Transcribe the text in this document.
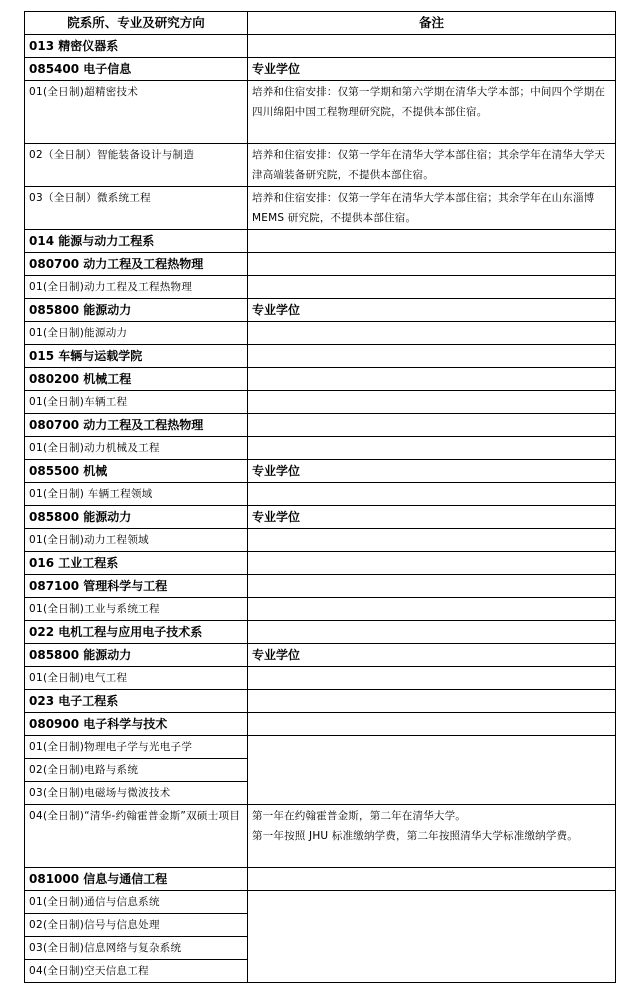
院系所、专业及研究方向	备注
013 精密仪器系	
085400 电子信息	专业学位
01(全日制)超精密技术	培养和住宿安排：仅第一学期和第六学期在清华大学本部；中间四个学期在四川绵阳中国工程物理研究院，不提供本部住宿。
02（全日制）智能装备设计与制造	培养和住宿安排：仅第一学年在清华大学本部住宿；其余学年在清华大学天津高端装备研究院，不提供本部住宿。
03（全日制）微系统工程	培养和住宿安排：仅第一学年在清华大学本部住宿；其余学年在山东淄博 MEMS 研究院，不提供本部住宿。
014 能源与动力工程系	
080700 动力工程及工程热物理	
01(全日制)动力工程及工程热物理	
085800 能源动力	专业学位
01(全日制)能源动力	
015 车辆与运载学院	
080200 机械工程	
01(全日制)车辆工程	
080700 动力工程及工程热物理	
01(全日制)动力机械及工程	
085500 机械	专业学位
01(全日制) 车辆工程领域	
085800 能源动力	专业学位
01(全日制)动力工程领域	
016 工业工程系	
087100 管理科学与工程	
01(全日制)工业与系统工程	
022 电机工程与应用电子技术系	
085800 能源动力	专业学位
01(全日制)电气工程	
023 电子工程系	
080900 电子科学与技术	
01(全日制)物理电子学与光电子学	
02(全日制)电路与系统	
03(全日制)电磁场与微波技术	
04(全日制)“清华-约翰霍普金斯”双硕士项目	第一年在约翰霍普金斯，第二年在清华大学。
第一年按照 JHU 标准缴纳学费，第二年按照清华大学标准缴纳学费。
081000 信息与通信工程	
01(全日制)通信与信息系统	
02(全日制)信号与信息处理	
03(全日制)信息网络与复杂系统	
04(全日制)空天信息工程	
